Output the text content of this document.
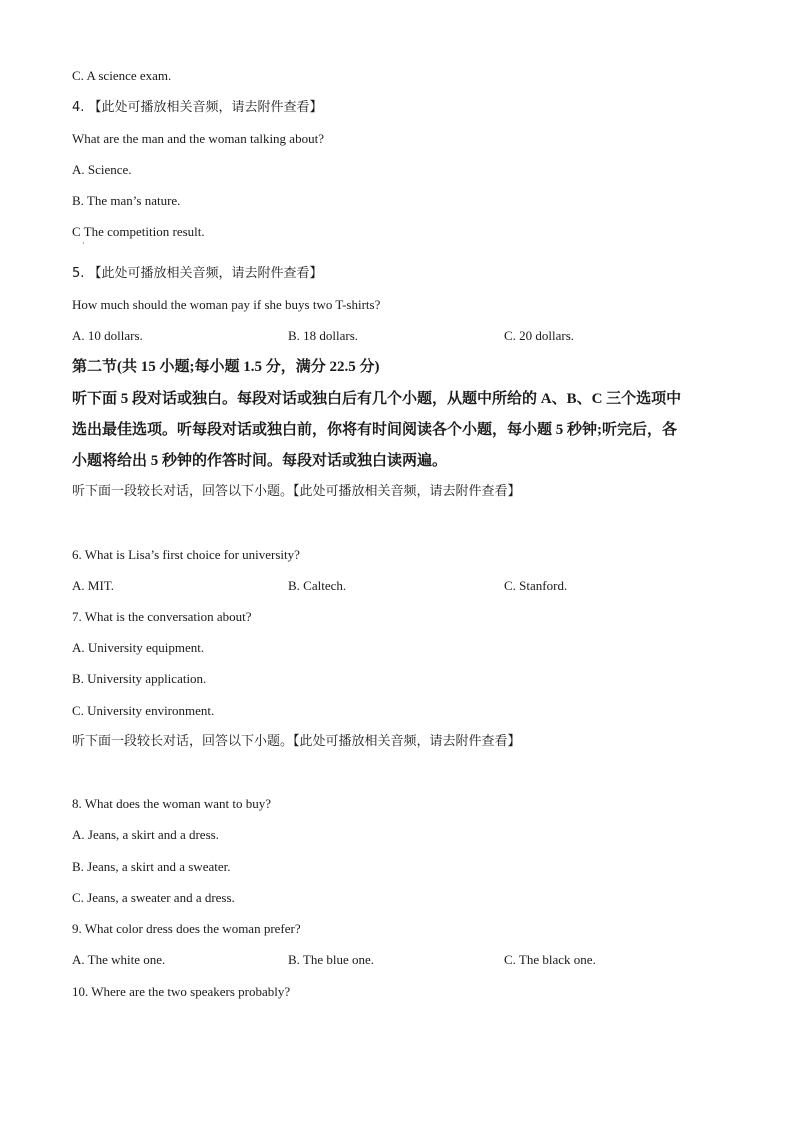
C. A science exam.
4. 【此处可播放相关音频，请去附件查看】
What are the man and the woman talking about?
A. Science.
B. The man’s nature.
C The competition result.
·
5. 【此处可播放相关音频，请去附件查看】
How much should the woman pay if she buys two T-shirts?
A. 10 dollars.	B. 18 dollars.	C. 20 dollars.
第二节(共 15 小题;每小题 1.5 分，满分 22.5 分)
听下面 5 段对话或独白。每段对话或独白后有几个小题，从题中所给的 A、B、C 三个选项中
选出最佳选项。听每段对话或独白前，你将有时间阅读各个小题，每小题 5 秒钟;听完后，各
小题将给出 5 秒钟的作答时间。每段对话或独白读两遍。
听下面一段较长对话，回答以下小题。【此处可播放相关音频，请去附件查看】
6. What is Lisa’s first choice for university?
A. MIT.	B. Caltech.	C. Stanford.
7. What is the conversation about?
A. University equipment.
B. University application.
C. University environment.
听下面一段较长对话，回答以下小题。【此处可播放相关音频，请去附件查看】
8. What does the woman want to buy?
A. Jeans, a skirt and a dress.
B. Jeans, a skirt and a sweater.
C. Jeans, a sweater and a dress.
9. What color dress does the woman prefer?
A. The white one.	B. The blue one.	C. The black one.
10. Where are the two speakers probably?
